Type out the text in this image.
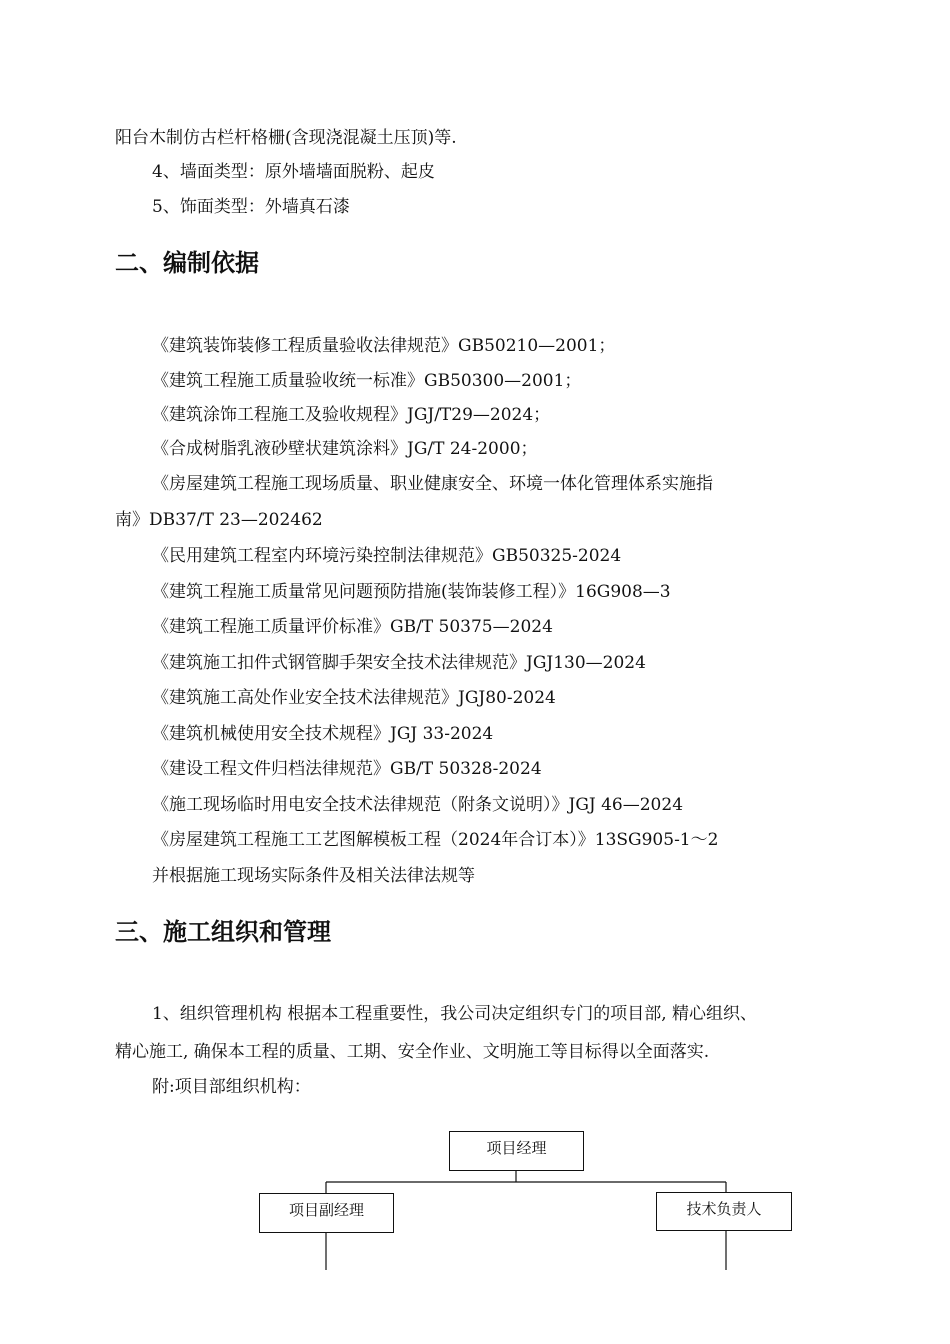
阳台木制仿古栏杆格栅(含现浇混凝土压顶)等.
4、墙面类型：原外墙墙面脱粉、起皮
5、饰面类型：外墙真石漆
二、编制依据
《建筑装饰装修工程质量验收法律规范》GB50210—2001；
《建筑工程施工质量验收统一标准》GB50300—2001；
《建筑涂饰工程施工及验收规程》JGJ/T29—2024；
《合成树脂乳液砂壁状建筑涂料》JG/T 24-2000；
《房屋建筑工程施工现场质量、职业健康安全、环境一体化管理体系实施指
南》DB37/T 23—202462
《民用建筑工程室内环境污染控制法律规范》GB50325-2024
《建筑工程施工质量常见问题预防措施(装饰装修工程）》16G908—3
《建筑工程施工质量评价标准》GB/T 50375—2024
《建筑施工扣件式钢管脚手架安全技术法律规范》JGJ130—2024
《建筑施工高处作业安全技术法律规范》JGJ80-2024
《建筑机械使用安全技术规程》JGJ 33-2024
《建设工程文件归档法律规范》GB/T 50328-2024
《施工现场临时用电安全技术法律规范（附条文说明）》JGJ 46—2024
《房屋建筑工程施工工艺图解模板工程（2024年合订本）》13SG905-1～2
并根据施工现场实际条件及相关法律法规等
三、施工组织和管理
1、组织管理机构 根据本工程重要性，我公司决定组织专门的项目部, 精心组织、
精心施工, 确保本工程的质量、工期、安全作业、文明施工等目标得以全面落实.
附:项目部组织机构：
项目经理
项目副经理	技术负责人
